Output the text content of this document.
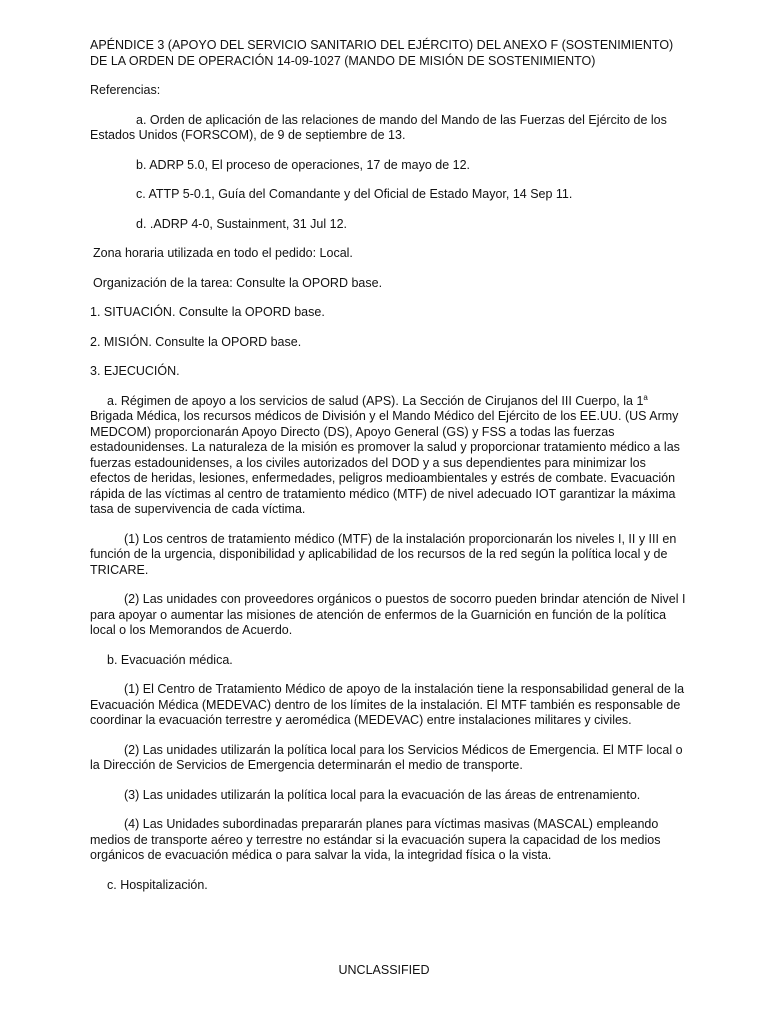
APÉNDICE 3 (APOYO DEL SERVICIO SANITARIO DEL EJÉRCITO) DEL ANEXO F (SOSTENIMIENTO) DE LA ORDEN DE OPERACIÓN 14-09-1027 (MANDO DE MISIÓN DE SOSTENIMIENTO)

Referencias:

a. Orden de aplicación de las relaciones de mando del Mando de las Fuerzas del Ejército de los Estados Unidos (FORSCOM), de 9 de septiembre de 13.

b. ADRP 5.0, El proceso de operaciones, 17 de mayo de 12.

c. ATTP 5-0.1, Guía del Comandante y del Oficial de Estado Mayor, 14 Sep 11.

d. .ADRP 4-0, Sustainment, 31 Jul 12.

Zona horaria utilizada en todo el pedido: Local.

Organización de la tarea: Consulte la OPORD base.

1. SITUACIÓN. Consulte la OPORD base.

2. MISIÓN. Consulte la OPORD base.

3. EJECUCIÓN.

a. Régimen de apoyo a los servicios de salud (APS). La Sección de Cirujanos del III Cuerpo, la 1$^a$ Brigada Médica, los recursos médicos de División y el Mando Médico del Ejército de los EE.UU. (US Army MEDCOM) proporcionarán Apoyo Directo (DS), Apoyo General (GS) y FSS a todas las fuerzas estadounidenses. La naturaleza de la misión es promover la salud y proporcionar tratamiento médico a las fuerzas estadounidenses, a los civiles autorizados del DOD y a sus dependientes para minimizar los efectos de heridas, lesiones, enfermedades, peligros medioambientales y estrés de combate. Evacuación rápida de las víctimas al centro de tratamiento médico (MTF) de nivel adecuado IOT garantizar la máxima tasa de supervivencia de cada víctima.

(1) Los centros de tratamiento médico (MTF) de la instalación proporcionarán los niveles I, II y III en función de la urgencia, disponibilidad y aplicabilidad de los recursos de la red según la política local y de TRICARE.

(2) Las unidades con proveedores orgánicos o puestos de socorro pueden brindar atención de Nivel I para apoyar o aumentar las misiones de atención de enfermos de la Guarnición en función de la política local o los Memorandos de Acuerdo.

b. Evacuación médica.

(1) El Centro de Tratamiento Médico de apoyo de la instalación tiene la responsabilidad general de la Evacuación Médica (MEDEVAC) dentro de los límites de la instalación. El MTF también es responsable de coordinar la evacuación terrestre y aeromédica (MEDEVAC) entre instalaciones militares y civiles.

(2) Las unidades utilizarán la política local para los Servicios Médicos de Emergencia. El MTF local o la Dirección de Servicios de Emergencia determinarán el medio de transporte.

(3) Las unidades utilizarán la política local para la evacuación de las áreas de entrenamiento.

(4) Las Unidades subordinadas prepararán planes para víctimas masivas (MASCAL) empleando medios de transporte aéreo y terrestre no estándar si la evacuación supera la capacidad de los medios orgánicos de evacuación médica o para salvar la vida, la integridad física o la vista.

c. Hospitalización.

UNCLASSIFIED
